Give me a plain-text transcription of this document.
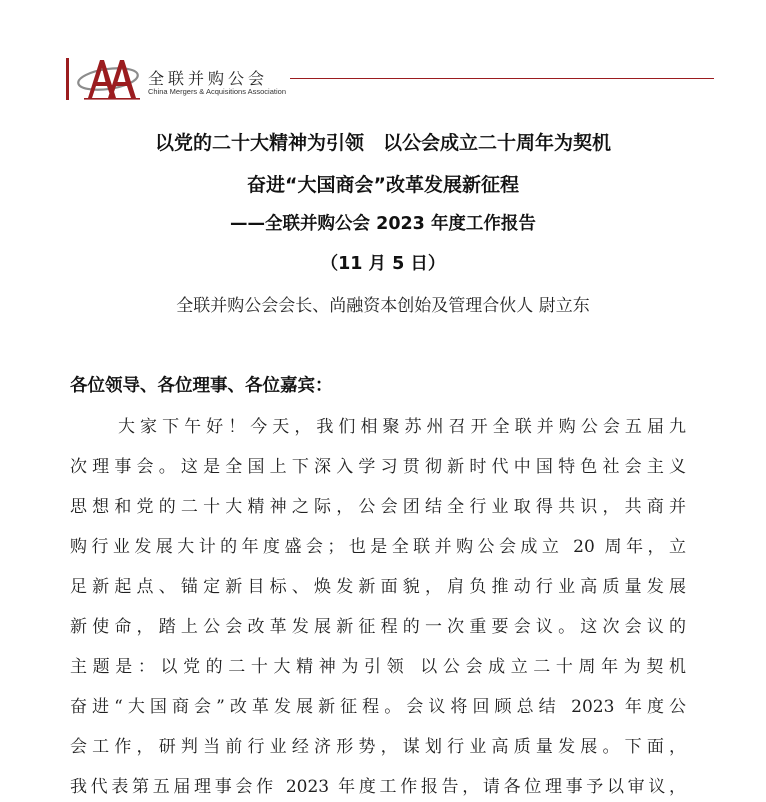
全联并购公会
China Mergers & Acquisitions Association
以党的二十大精神为引领　以公会成立二十周年为契机
奋进“大国商会”改革发展新征程
——全联并购公会 2023 年度工作报告
（11 月 5 日）
全联并购公会会长、尚融资本创始及管理合伙人 尉立东
各位领导、各位理事、各位嘉宾：
大家下午好！今天，我们相聚苏州召开全联并购公会五届九
次理事会。这是全国上下深入学习贯彻新时代中国特色社会主义
思想和党的二十大精神之际，公会团结全行业取得共识，共商并
购行业发展大计的年度盛会；也是全联并购公会成立 20 周年，立
足新起点、锚定新目标、焕发新面貌，肩负推动行业高质量发展
新使命，踏上公会改革发展新征程的一次重要会议。这次会议的
主题是：以党的二十大精神为引领 以公会成立二十周年为契机
奋进“大国商会”改革发展新征程。会议将回顾总结 2023 年度公
会工作，研判当前行业经济形势，谋划行业高质量发展。下面，
我代表第五届理事会作 2023 年度工作报告，请各位理事予以审议，
